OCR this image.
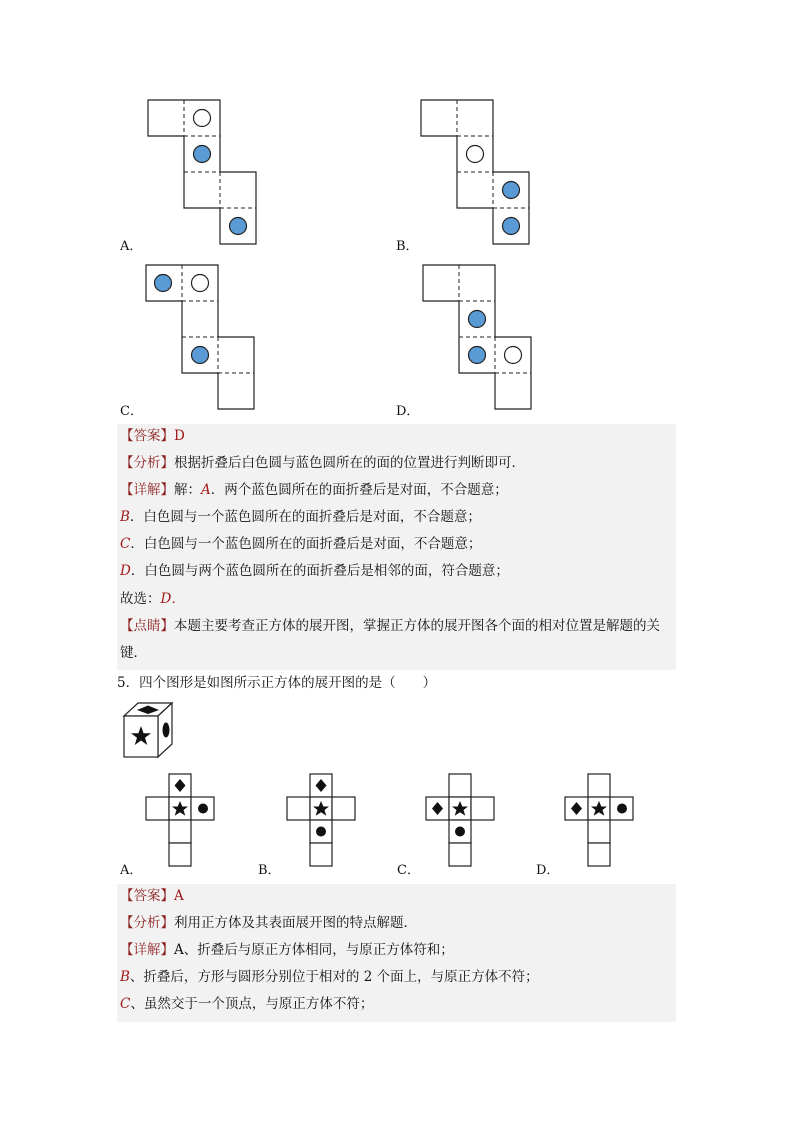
A．	B．
C．	D．
【答案】D
【分析】根据折叠后白色圆与蓝色圆所在的面的位置进行判断即可．
【详解】解：A．两个蓝色圆所在的面折叠后是对面，不合题意；
B．白色圆与一个蓝色圆所在的面折叠后是对面，不合题意；
C．白色圆与一个蓝色圆所在的面折叠后是对面，不合题意；
D．白色圆与两个蓝色圆所在的面折叠后是相邻的面，符合题意；
故选：D．
【点睛】本题主要考查正方体的展开图，掌握正方体的展开图各个面的相对位置是解题的关
键．
5．四个图形是如图所示正方体的展开图的是（　　）
A．	B．	C．	D．
【答案】A
【分析】利用正方体及其表面展开图的特点解题．
【详解】A、折叠后与原正方体相同，与原正方体符和；
B、折叠后，方形与圆形分别位于相对的 2 个面上，与原正方体不符；
C、虽然交于一个顶点，与原正方体不符；
